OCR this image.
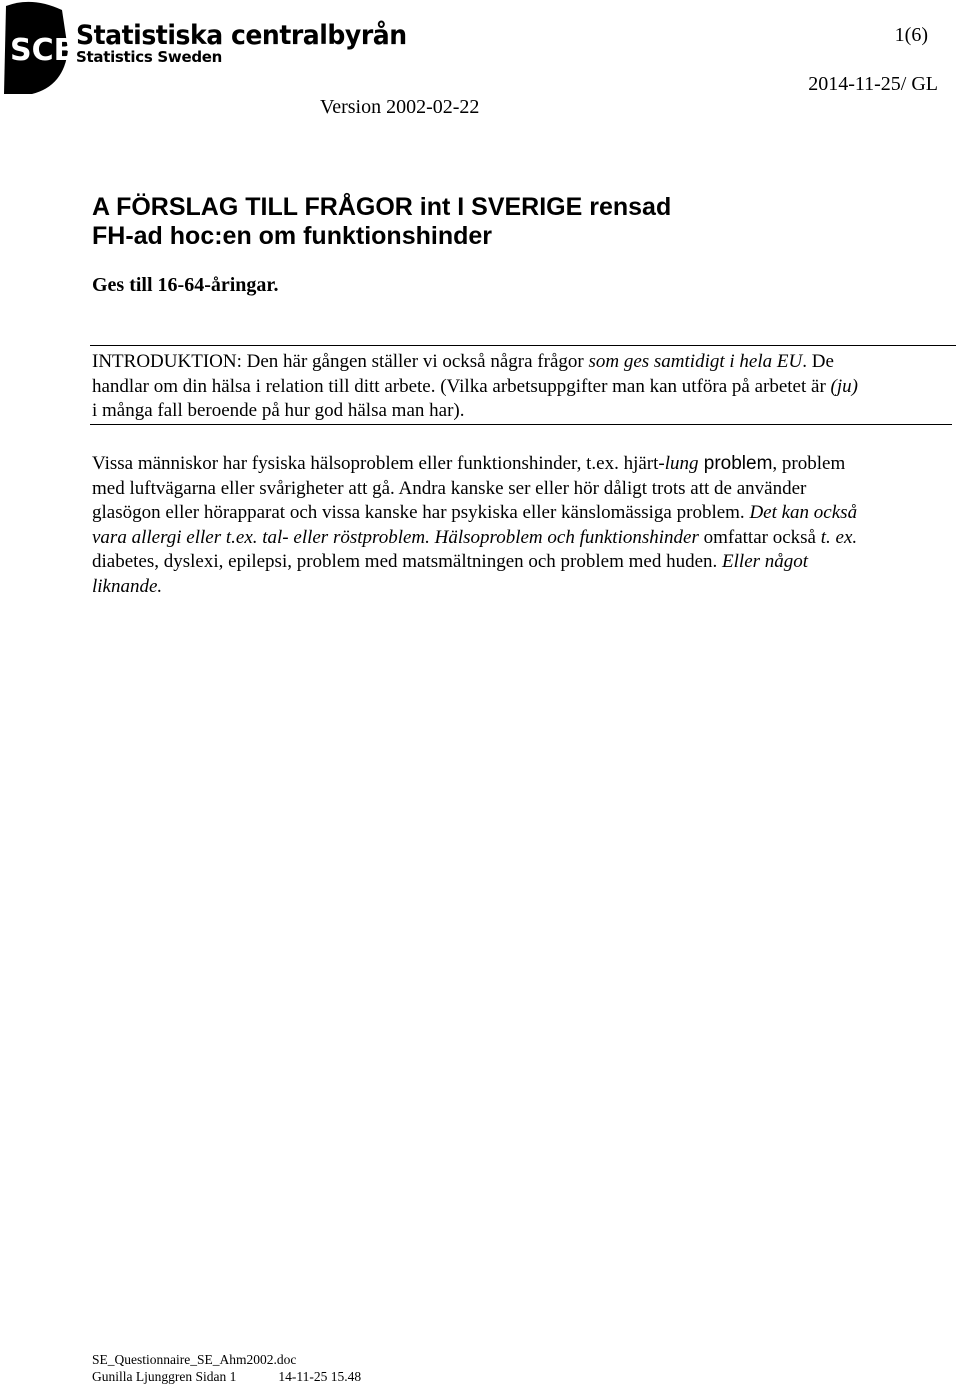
SCB Statistiska centralbyrån
Statistics Sweden
1(6)
Version 2002-02-22
2014-11-25/ GL
A FÖRSLAG TILL FRÅGOR int I SVERIGE rensad
FH-ad hoc:en om funktionshinder

Ges till 16-64-åringar.

INTRODUKTION: Den här gången ställer vi också några frågor som ges samtidigt i hela EU. De
handlar om din hälsa i relation till ditt arbete. (Vilka arbetsuppgifter man kan utföra på arbetet är (ju)
i många fall beroende på hur god hälsa man har).

Vissa människor har fysiska hälsoproblem eller funktionshinder, t.ex. hjärt-lung problem, problem
med luftvägarna eller svårigheter att gå. Andra kanske ser eller hör dåligt trots att de använder
glasögon eller hörapparat och vissa kanske har psykiska eller känslomässiga problem. Det kan också
vara allergi eller t.ex. tal- eller röstproblem. Hälsoproblem och funktionshinder omfattar också t. ex.
diabetes, dyslexi, epilepsi, problem med matsmältningen och problem med huden. Eller något
liknande.

SE_Questionnaire_SE_Ahm2002.doc
Gunilla Ljunggren Sidan 1	14-11-25 15.48
